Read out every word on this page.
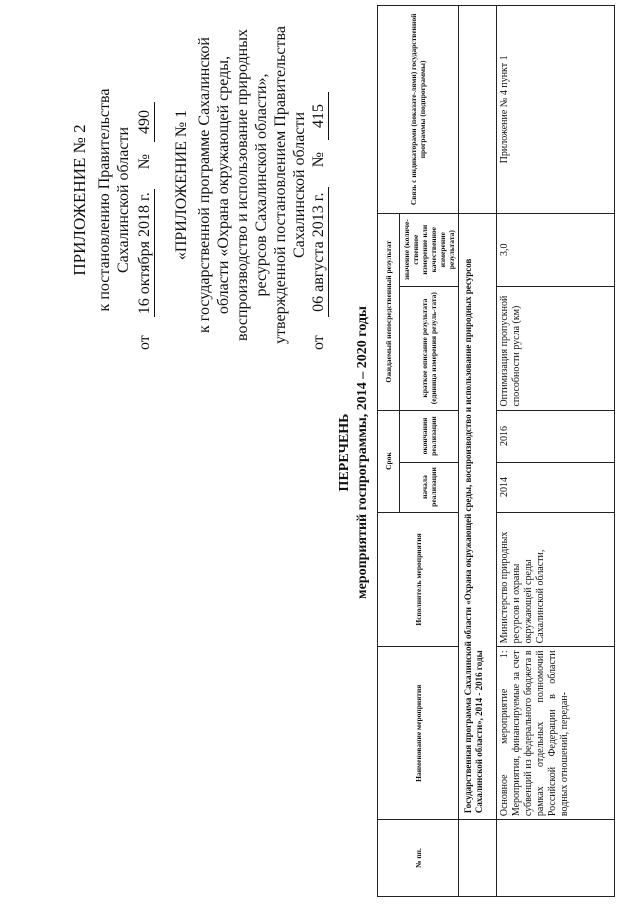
ПРИЛОЖЕНИЕ № 2 к постановлению Правительства Сахалинской области
от 16 октября 2018 г. № 490 «ПРИЛОЖЕНИЕ № 1 к государственной программе Сахалинской области «Охрана окружающей среды, воспроизводство и использование природных ресурсов Сахалинской области», утвержденной постановлением Правительства Сахалинской области
от 06 августа 2013 г. № 415
ПЕРЕЧЕНЬ мероприятий госпрограммы, 2014 – 2020 годы
№ пп.	Наименование мероприятия	Исполнитель мероприятия	Срок		Ожидаемый непосредственный результат		Связь с индикаторами (показате-лями) государственной программы (подпрограммы)
			начала реализации	окончания реализации	краткое описание результата (единица измерения резуль-тата)	значение (количе-ственное измерение или качественное измерение результата)	
	Государственная программа Сахалинской области «Охрана окружающей среды, воспроизводство и использование природных ресурсов Сахалинской области», 2014 - 2016 годы						
	Основное мероприятие 1: Мероприятия, финансируемые за счет субвенций из федерального бюджета в рамках отдельных полномочий Российской Федерации в области водных отношений, передан-	Министерство природных ресурсов и охраны окружающей среды Сахалинской области,	2014	2016	Оптимизация пропускной способности русла (км)	3,0	Приложение № 4 пункт 1
